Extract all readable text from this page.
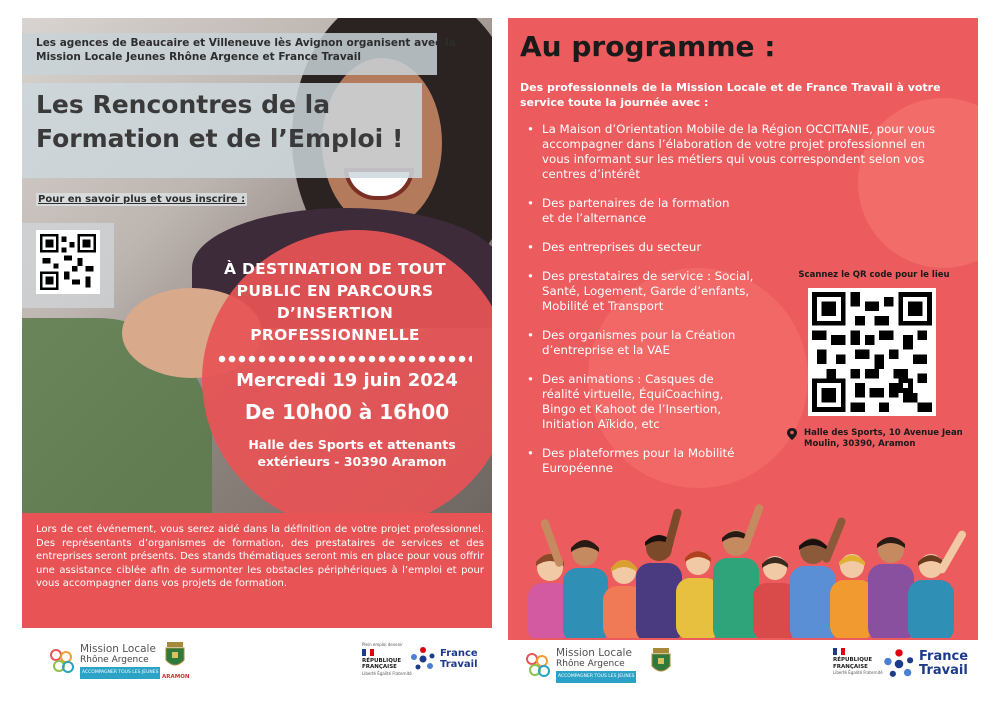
Les agences de Beaucaire et Villeneuve lès Avignon organisent avec la Mission Locale Jeunes Rhône Argence et France Travail

Les Rencontres de la Formation et de l’Emploi !
Pour en savoir plus et vous inscrire :

À DESTINATION DE TOUT PUBLIC EN PARCOURS D’INSERTION PROFESSIONNELLE

Mercredi 19 juin 2024

De 10h00 à 16h00

Halle des Sports et attenants extérieurs - 30390 Aramon

Lors de cet événement, vous serez aidé dans la définition de votre projet professionnel. Des représentants d’organismes de formation, des prestataires de services et des entreprises seront présents. Des stands thématiques seront mis en place pour vous offrir une assistance ciblée afin de surmonter les obstacles périphériques à l’emploi et pour vous accompagner dans vos projets de formation.

Mission Locale
Rhône Argence
ACCOMPAGNER TOUS LES JEUNES
ARAMON
Plein emploi devenir
RÉPUBLIQUE
FRANÇAISE
Liberté Égalité Fraternité
France
Travail
Au programme :

Des professionnels de la Mission Locale et de France Travail à votre service toute la journée avec :

• La Maison d’Orientation Mobile de la Région OCCITANIE, pour vous accompagner dans l’élaboration de votre projet professionnel en vous informant sur les métiers qui vous correspondent selon vos centres d’intérêt
• Des partenaires de la formation et de l’alternance
• Des entreprises du secteur
• Des prestataires de service : Social, Santé, Logement, Garde d’enfants, Mobilité et Transport
• Des organismes pour la Création d’entreprise et la VAE
• Des animations : Casques de réalité virtuelle, ÉquiCoaching, Bingo et Kahoot de l’Insertion, Initiation Aïkido, etc
• Des plateformes pour la Mobilité Européenne

Scannez le QR code pour le lieu

Halle des Sports, 10 Avenue Jean Moulin, 30390, Aramon

Mission Locale
Rhône Argence
ACCOMPAGNER TOUS LES JEUNES
RÉPUBLIQUE
FRANÇAISE
Liberté Égalité Fraternité
France
Travail
